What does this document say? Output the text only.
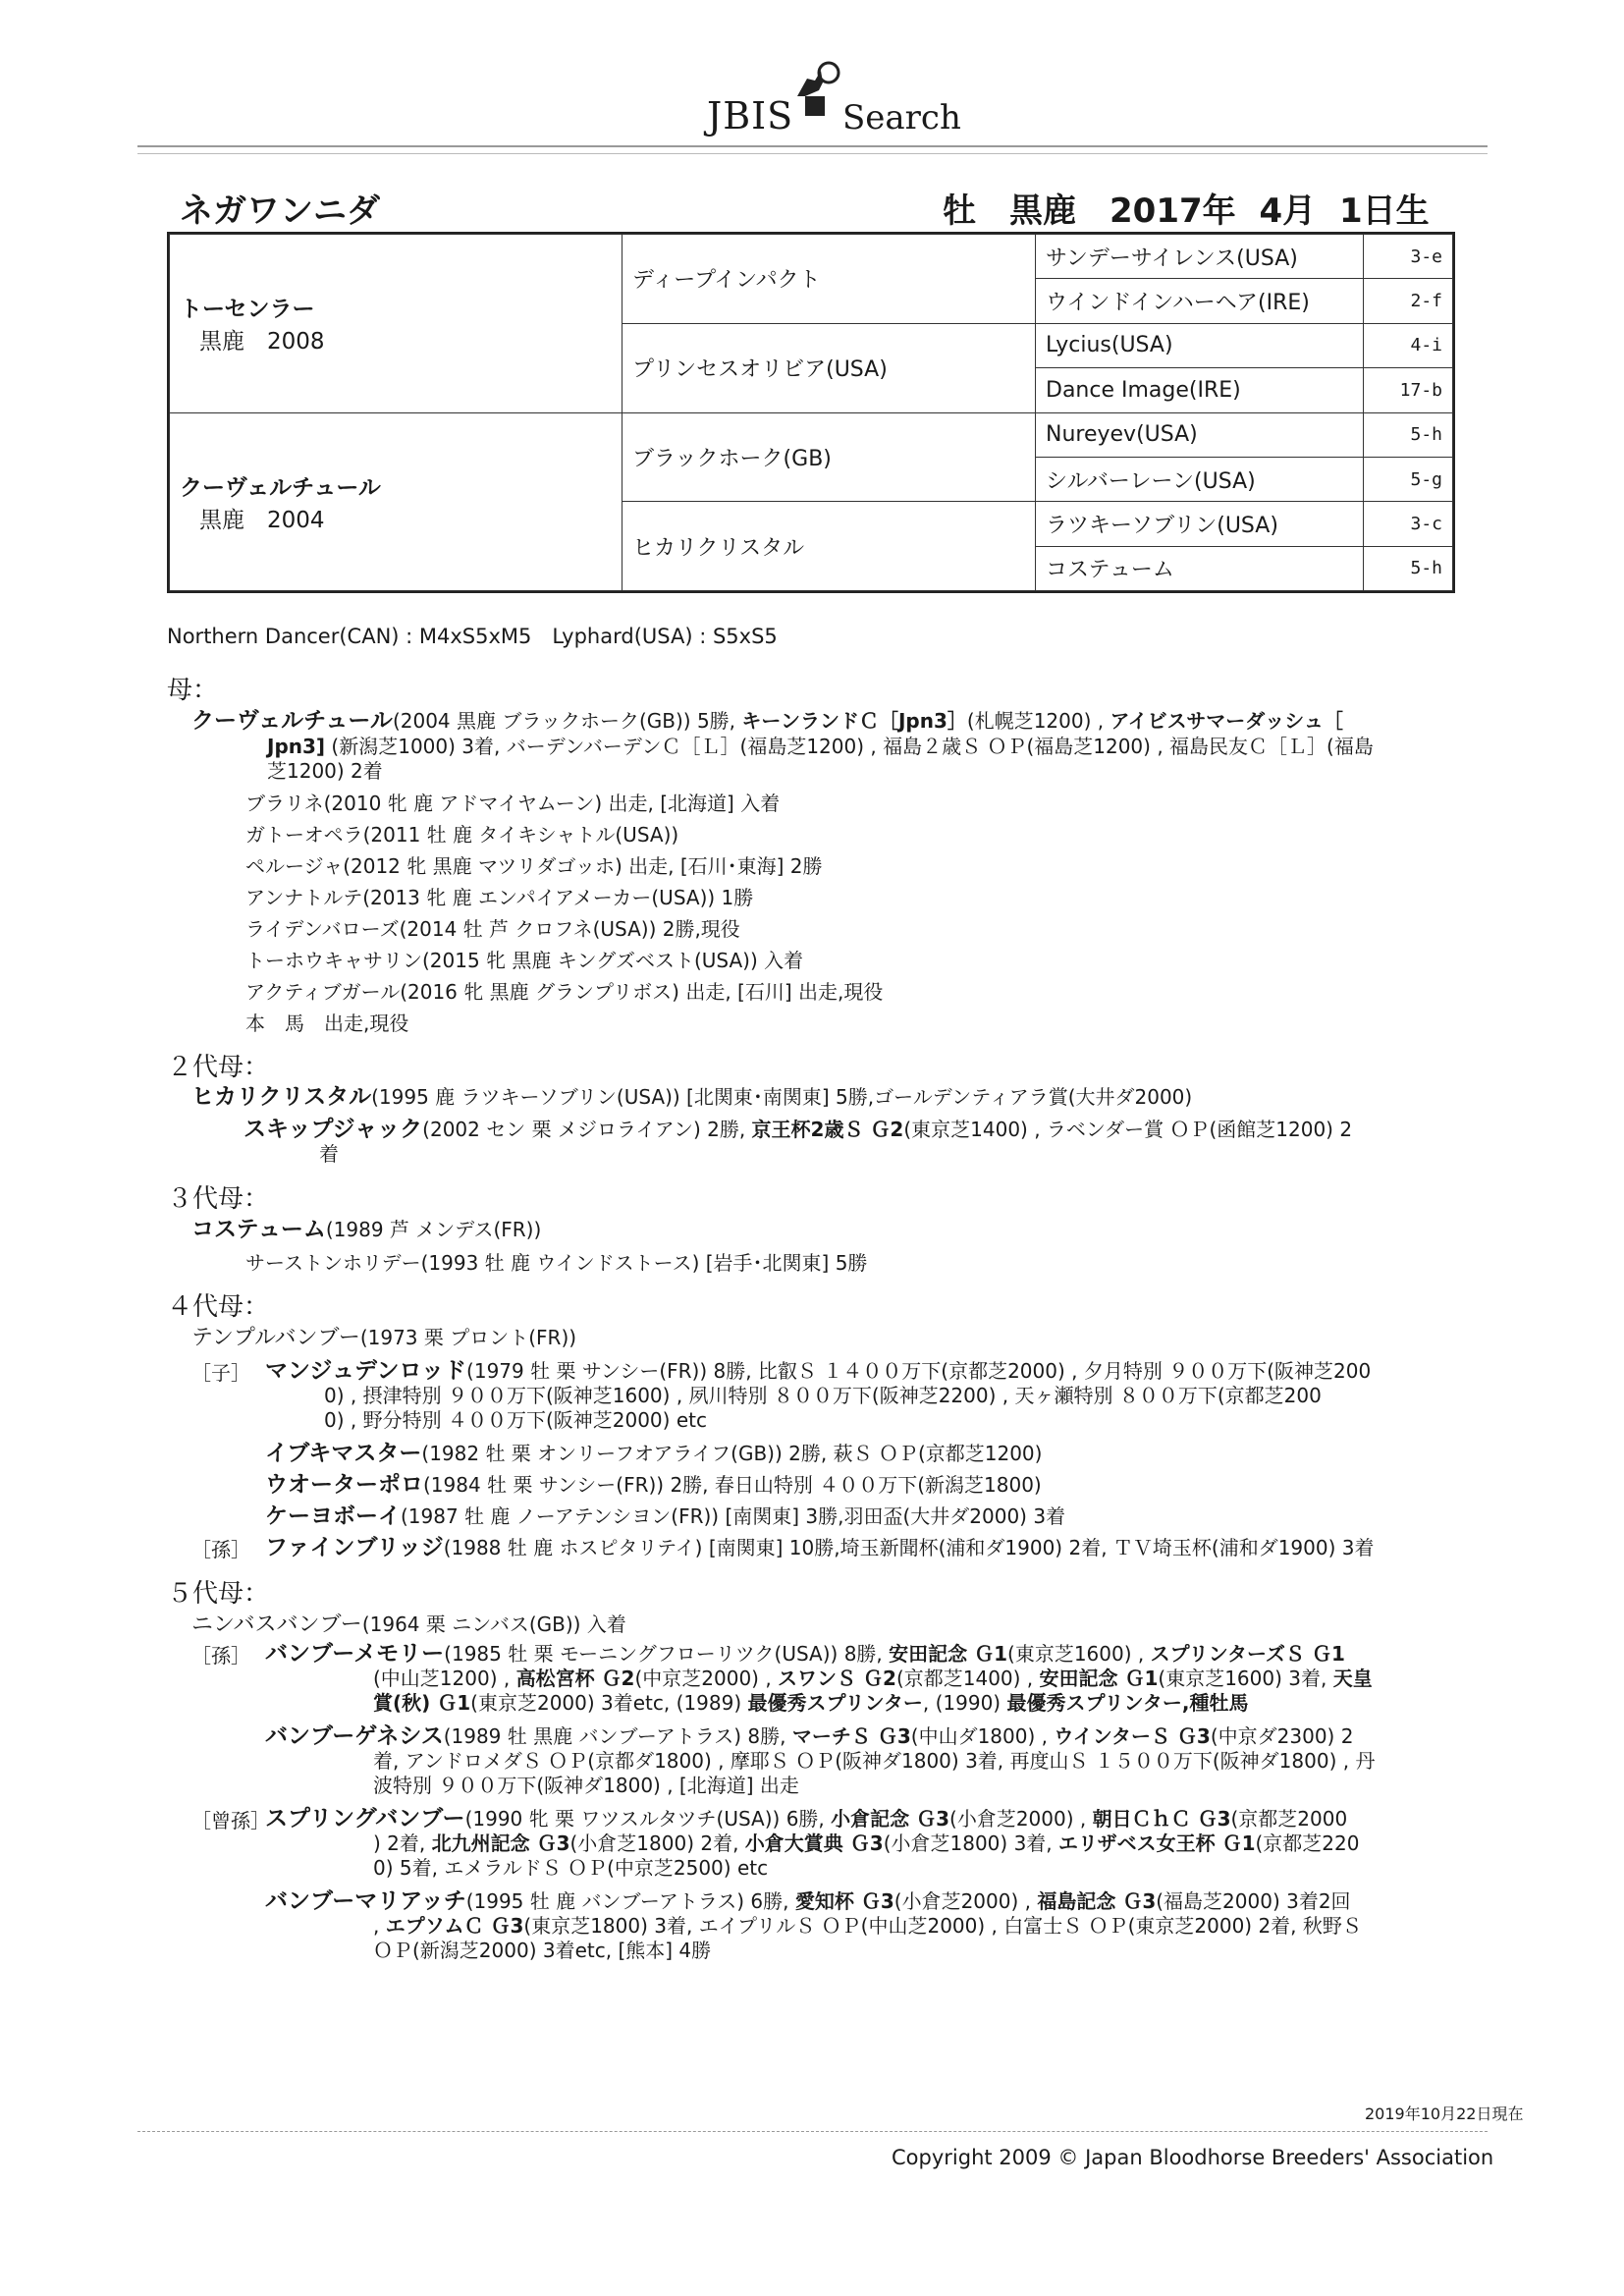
JBIS Search
ネガワンニダ	牡　黒鹿　2017年 4月 1日生
トーセンラー
黒鹿　2008	ディープインパクト	サンデーサイレンス(USA)	3-e
		ウインドインハーヘア(IRE)	2-f
	プリンセスオリビア(USA)	Lycius(USA)	4-i
		Dance Image(IRE)	17-b
クーヴェルチュール
黒鹿　2004	ブラックホーク(GB)	Nureyev(USA)	5-h
		シルバーレーン(USA)	5-g
	ヒカリクリスタル	ラツキーソブリン(USA)	3-c
		コステューム	5-h
Northern Dancer(CAN) : M4xS5xM5　Lyphard(USA) : S5xS5
母：
クーヴェルチュール(2004 黒鹿 ブラックホーク(GB)) 5勝, キーンランドＣ［Jpn3］(札幌芝1200) , アイビスサマーダッシュ［
Jpn3] (新潟芝1000) 3着, バーデンバーデンＣ［Ｌ］(福島芝1200) , 福島２歳Ｓ ＯＰ(福島芝1200) , 福島民友Ｃ［Ｌ］(福島
芝1200) 2着
ブラリネ(2010 牝 鹿 アドマイヤムーン) 出走, [北海道] 入着
ガトーオペラ(2011 牡 鹿 タイキシャトル(USA))
ペルージャ(2012 牝 黒鹿 マツリダゴッホ) 出走, [石川･東海] 2勝
アンナトルテ(2013 牝 鹿 エンパイアメーカー(USA)) 1勝
ライデンバローズ(2014 牡 芦 クロフネ(USA)) 2勝,現役
トーホウキャサリン(2015 牝 黒鹿 キングズベスト(USA)) 入着
アクティブガール(2016 牝 黒鹿 グランプリボス) 出走, [石川] 出走,現役
本　馬　出走,現役
２代母：
ヒカリクリスタル(1995 鹿 ラツキーソブリン(USA)) [北関東･南関東] 5勝,ゴールデンティアラ賞(大井ダ2000)
スキップジャック(2002 セン 栗 メジロライアン) 2勝, 京王杯2歳Ｓ Ｇ2(東京芝1400) , ラベンダー賞 ＯＰ(函館芝1200) 2
着
３代母：
コステューム(1989 芦 メンデス(FR))
サーストンホリデー(1993 牡 鹿 ウインドストース) [岩手･北関東] 5勝
４代母：
テンプルバンブー(1973 栗 プロント(FR))
［子］ マンジュデンロッド(1979 牡 栗 サンシー(FR)) 8勝, 比叡Ｓ １４００万下(京都芝2000) , 夕月特別 ９００万下(阪神芝200
0) , 摂津特別 ９００万下(阪神芝1600) , 夙川特別 ８００万下(阪神芝2200) , 天ヶ瀬特別 ８００万下(京都芝200
0) , 野分特別 ４００万下(阪神芝2000) etc
イブキマスター(1982 牡 栗 オンリーフオアライフ(GB)) 2勝, 萩Ｓ ＯＰ(京都芝1200)
ウオーターポロ(1984 牡 栗 サンシー(FR)) 2勝, 春日山特別 ４００万下(新潟芝1800)
ケーヨボーイ(1987 牡 鹿 ノーアテンシヨン(FR)) [南関東] 3勝,羽田盃(大井ダ2000) 3着
［孫］ ファインブリッジ(1988 牡 鹿 ホスピタリテイ) [南関東] 10勝,埼玉新聞杯(浦和ダ1900) 2着, ＴＶ埼玉杯(浦和ダ1900) 3着
５代母：
ニンバスバンブー(1964 栗 ニンバス(GB)) 入着
［孫］ バンブーメモリー(1985 牡 栗 モーニングフローリツク(USA)) 8勝, 安田記念 Ｇ1(東京芝1600) , スプリンターズＳ Ｇ1
(中山芝1200) , 高松宮杯 Ｇ2(中京芝2000) , スワンＳ Ｇ2(京都芝1400) , 安田記念 Ｇ1(東京芝1600) 3着, 天皇
賞(秋) Ｇ1(東京芝2000) 3着etc, (1989) 最優秀スプリンター, (1990) 最優秀スプリンター,種牡馬
バンブーゲネシス(1989 牡 黒鹿 バンブーアトラス) 8勝, マーチＳ Ｇ3(中山ダ1800) , ウインターＳ Ｇ3(中京ダ2300) 2
着, アンドロメダＳ ＯＰ(京都ダ1800) , 摩耶Ｓ ＯＰ(阪神ダ1800) 3着, 再度山Ｓ １５００万下(阪神ダ1800) , 丹
波特別 ９００万下(阪神ダ1800) , [北海道] 出走
［曾孫］
スプリングバンブー(1990 牝 栗 ワツスルタツチ(USA)) 6勝, 小倉記念 Ｇ3(小倉芝2000) , 朝日ＣｈＣ Ｇ3(京都芝2000
) 2着, 北九州記念 Ｇ3(小倉芝1800) 2着, 小倉大賞典 Ｇ3(小倉芝1800) 3着, エリザベス女王杯 Ｇ1(京都芝220
0) 5着, エメラルドＳ ＯＰ(中京芝2500) etc
バンブーマリアッチ(1995 牡 鹿 バンブーアトラス) 6勝, 愛知杯 Ｇ3(小倉芝2000) , 福島記念 Ｇ3(福島芝2000) 3着2回
, エプソムＣ Ｇ3(東京芝1800) 3着, エイプリルＳ ＯＰ(中山芝2000) , 白富士Ｓ ＯＰ(東京芝2000) 2着, 秋野Ｓ
ＯＰ(新潟芝2000) 3着etc, [熊本] 4勝
2019年10月22日現在
Copyright 2009 © Japan Bloodhorse Breeders' Association
